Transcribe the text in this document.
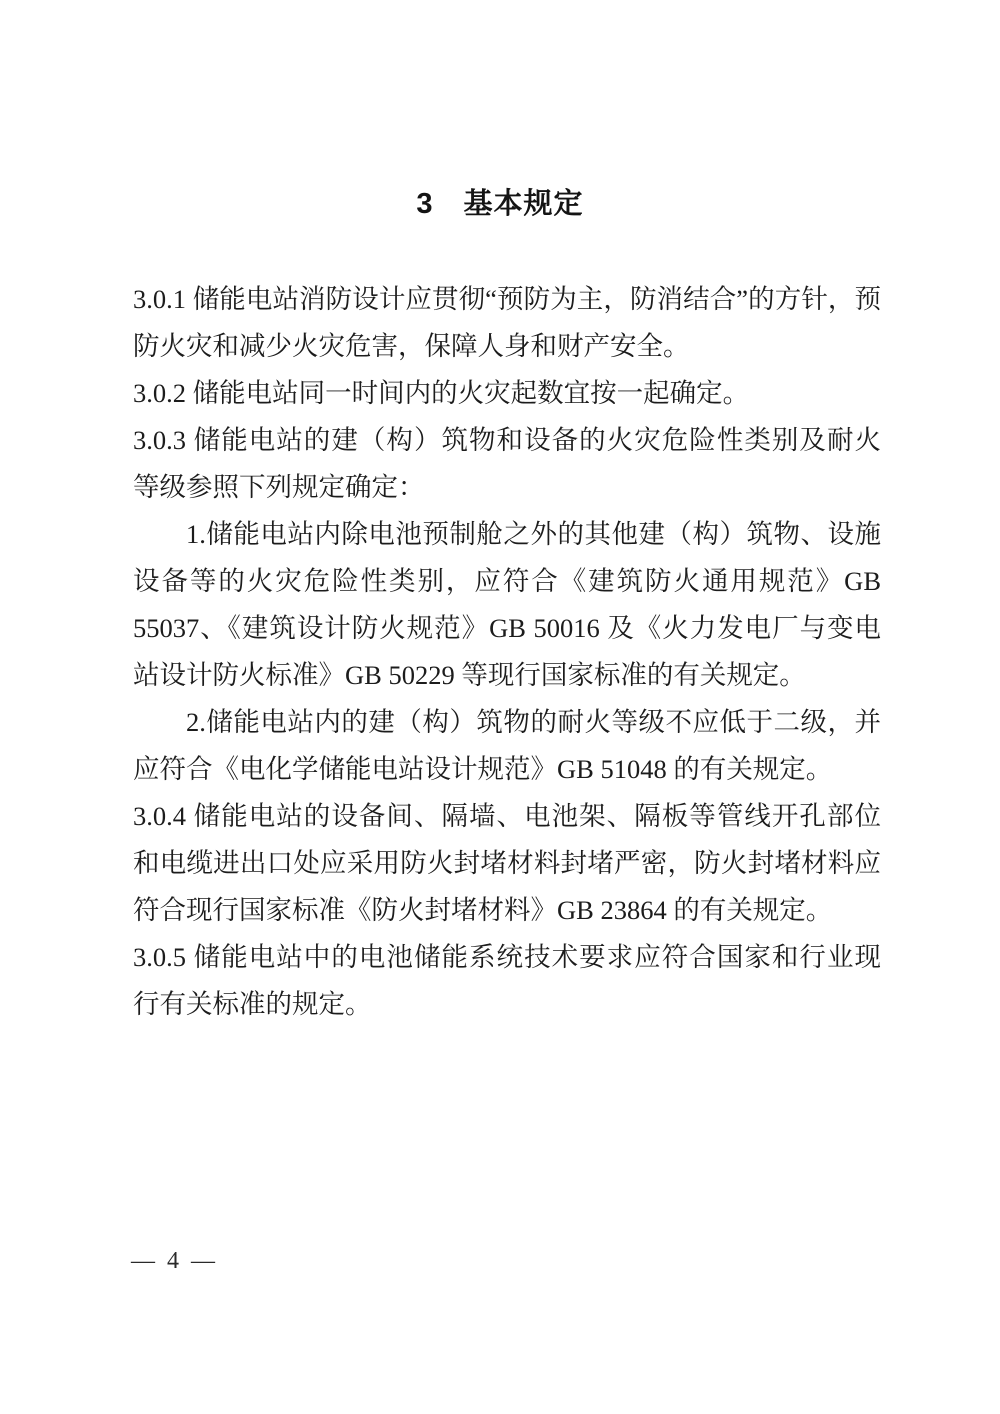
3　基本规定

3.0.1 储能电站消防设计应贯彻“预防为主，防消结合”的方针，预防火灾和减少火灾危害，保障人身和财产安全。

3.0.2 储能电站同一时间内的火灾起数宜按一起确定。

3.0.3 储能电站的建（构）筑物和设备的火灾危险性类别及耐火等级参照下列规定确定：

1.储能电站内除电池预制舱之外的其他建（构）筑物、设施设备等的火灾危险性类别，应符合《建筑防火通用规范》GB 55037、《建筑设计防火规范》GB 50016 及《火力发电厂与变电站设计防火标准》GB 50229 等现行国家标准的有关规定。

2.储能电站内的建（构）筑物的耐火等级不应低于二级，并应符合《电化学储能电站设计规范》GB 51048 的有关规定。

3.0.4 储能电站的设备间、隔墙、电池架、隔板等管线开孔部位和电缆进出口处应采用防火封堵材料封堵严密，防火封堵材料应符合现行国家标准《防火封堵材料》GB 23864 的有关规定。

3.0.5 储能电站中的电池储能系统技术要求应符合国家和行业现行有关标准的规定。

— 4 —
